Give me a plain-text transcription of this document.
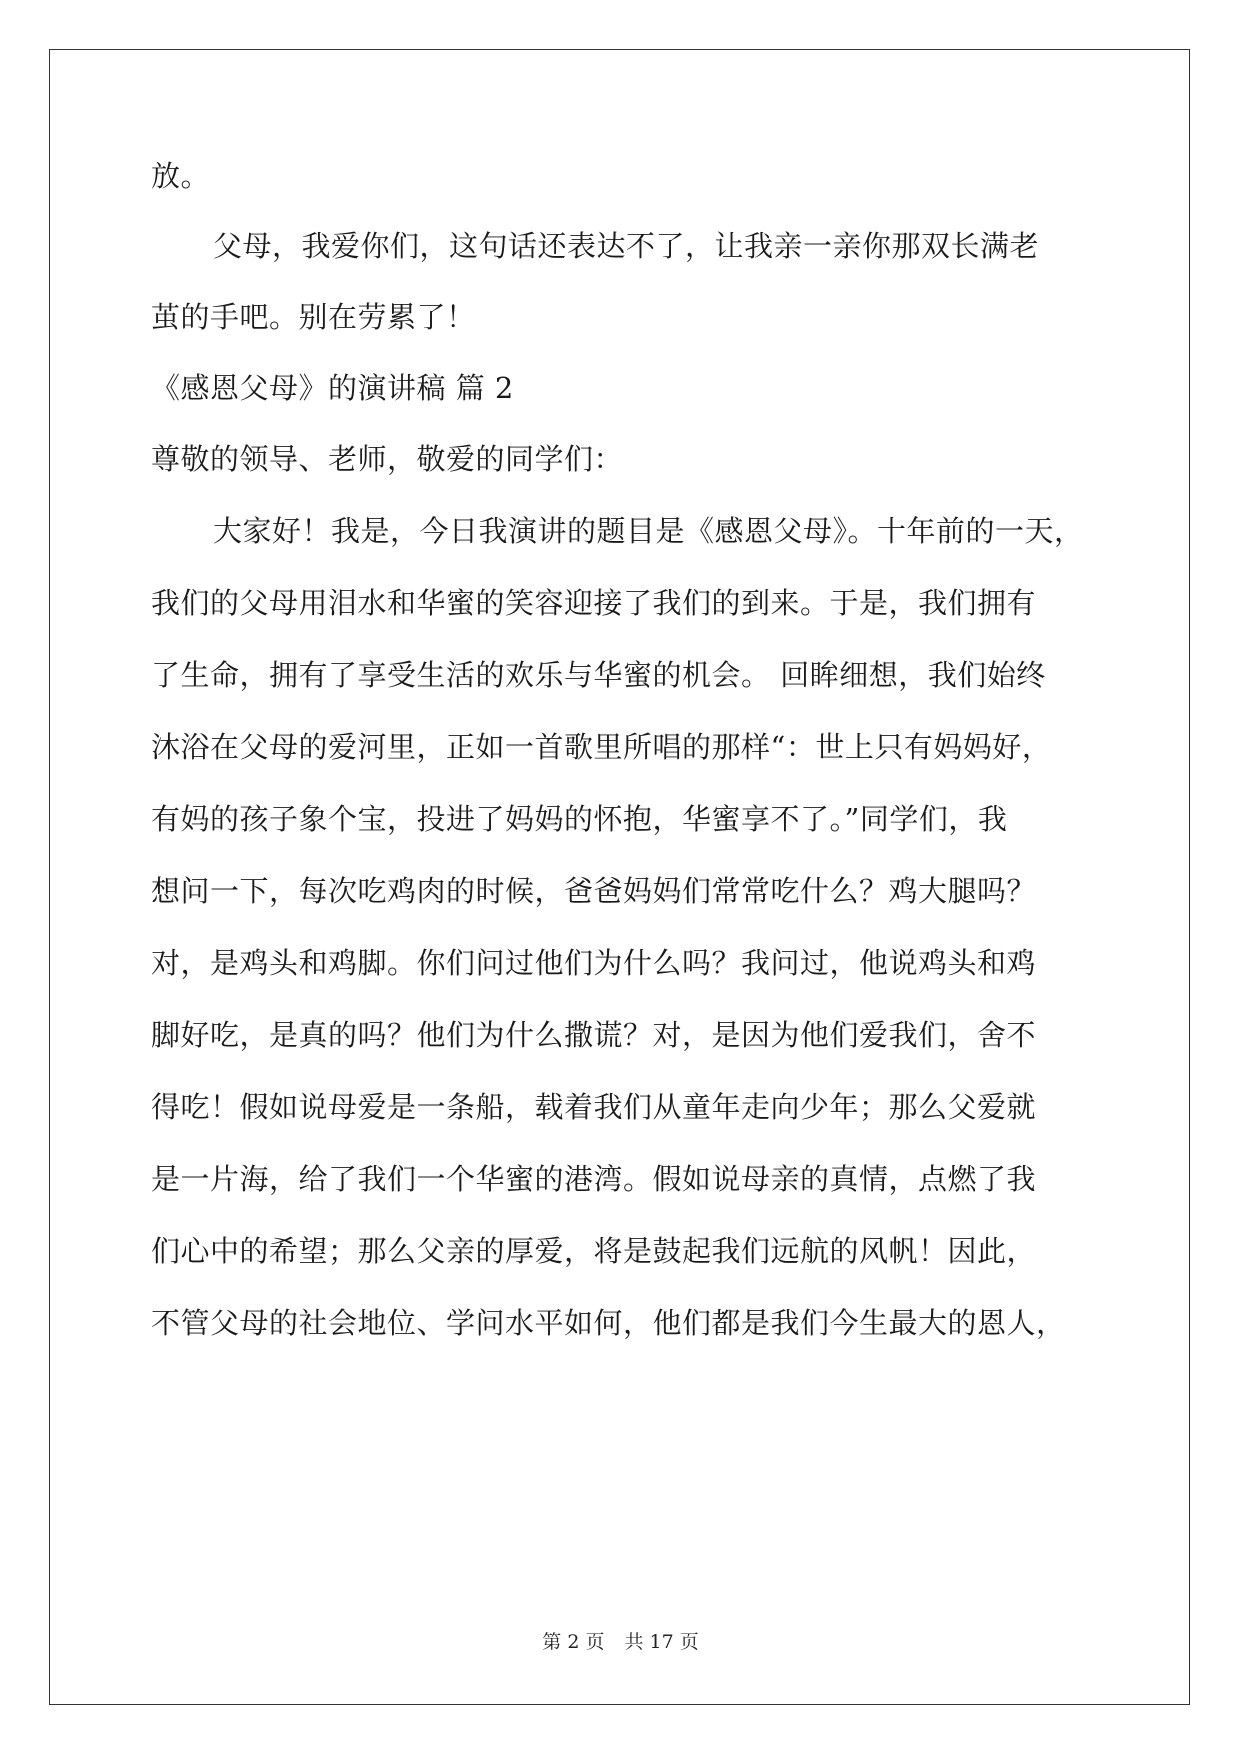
放。
父母，我爱你们，这句话还表达不了，让我亲一亲你那双长满老
茧的手吧。别在劳累了！
《感恩父母》的演讲稿 篇 2
尊敬的领导、老师，敬爱的同学们：
大家好！我是，今日我演讲的题目是《感恩父母》。十年前的一天，
我们的父母用泪水和华蜜的笑容迎接了我们的到来。于是，我们拥有
了生命，拥有了享受生活的欢乐与华蜜的机会。 回眸细想，我们始终
沐浴在父母的爱河里，正如一首歌里所唱的那样“：世上只有妈妈好，
有妈的孩子象个宝，投进了妈妈的怀抱，华蜜享不了。”同学们，我
想问一下，每次吃鸡肉的时候，爸爸妈妈们常常吃什么？鸡大腿吗？
对，是鸡头和鸡脚。你们问过他们为什么吗？我问过，他说鸡头和鸡
脚好吃，是真的吗？他们为什么撒谎？对，是因为他们爱我们，舍不
得吃！假如说母爱是一条船，载着我们从童年走向少年；那么父爱就
是一片海，给了我们一个华蜜的港湾。假如说母亲的真情，点燃了我
们心中的希望；那么父亲的厚爱，将是鼓起我们远航的风帆！因此，
不管父母的社会地位、学问水平如何，他们都是我们今生最大的恩人，
第 2 页 共 17 页
